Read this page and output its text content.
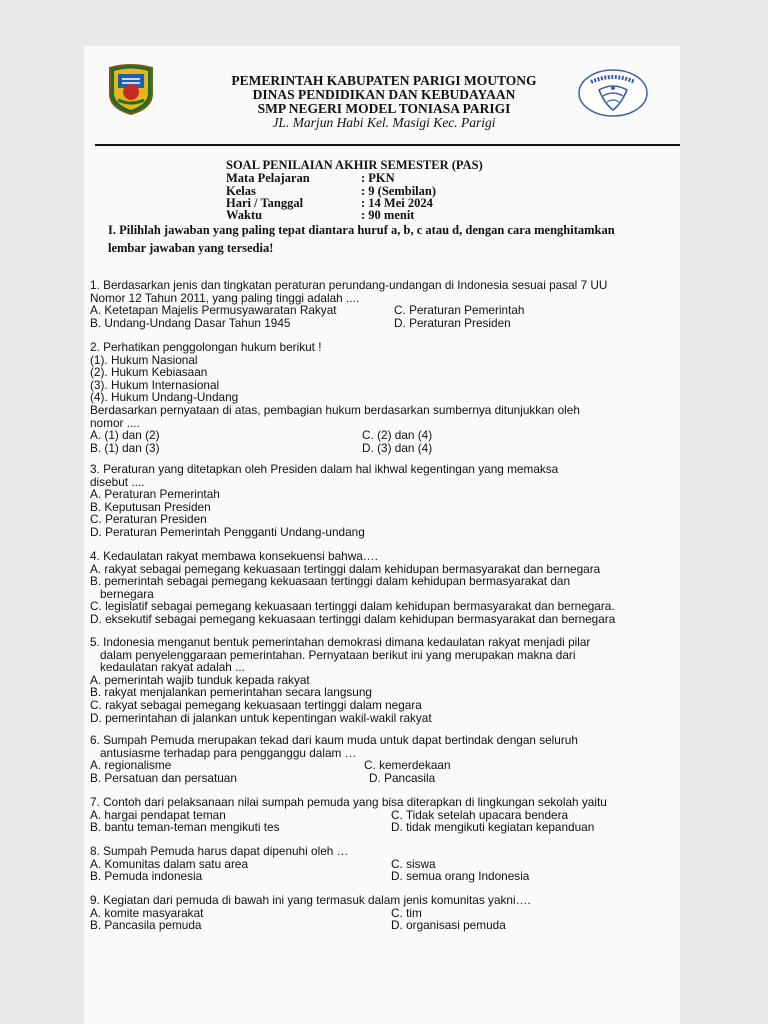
PEMERINTAH KABUPATEN PARIGI MOUTONG
DINAS PENDIDIKAN DAN KEBUDAYAAN
SMP NEGERI MODEL TONIASA PARIGI
JL. Marjun Habi Kel. Masigi Kec. Parigi
SOAL PENILAIAN AKHIR SEMESTER (PAS)
Mata Pelajaran	: PKN
Kelas	: 9 (Sembilan)
Hari / Tanggal	: 14 Mei 2024
Waktu	: 90 menit
I. Pilihlah jawaban yang paling tepat diantara huruf a, b, c atau d, dengan cara menghitamkan
lembar jawaban yang tersedia!
1. Berdasarkan jenis dan tingkatan peraturan perundang-undangan di Indonesia sesuai pasal 7 UU
Nomor 12 Tahun 2011, yang paling tinggi adalah ....
A. Ketetapan Majelis Permusyawaratan Rakyat	C. Peraturan Pemerintah
B. Undang-Undang Dasar Tahun 1945	D. Peraturan Presiden
2. Perhatikan penggolongan hukum berikut !
(1). Hukum Nasional
(2). Hukum Kebiasaan
(3). Hukum Internasional
(4). Hukum Undang-Undang
Berdasarkan pernyataan di atas, pembagian hukum berdasarkan sumbernya ditunjukkan oleh
nomor ....
A. (1) dan (2)	C. (2) dan (4)
B. (1) dan (3)	D. (3) dan (4)
3. Peraturan yang ditetapkan oleh Presiden dalam hal ikhwal kegentingan yang memaksa
disebut ....
A. Peraturan Pemerintah
B. Keputusan Presiden
C. Peraturan Presiden
D. Peraturan Pemerintah Pengganti Undang-undang
4. Kedaulatan rakyat membawa konsekuensi bahwa….
A. rakyat sebagai pemegang kekuasaan tertinggi dalam kehidupan bermasyarakat dan bernegara
B. pemerintah sebagai pemegang kekuasaan tertinggi dalam kehidupan bermasyarakat dan
bernegara
C. legislatif sebagai pemegang kekuasaan tertinggi dalam kehidupan bermasyarakat dan bernegara.
D. eksekutif sebagai pemegang kekuasaan tertinggi dalam kehidupan bermasyarakat dan bernegara
5. Indonesia menganut bentuk pemerintahan demokrasi dimana kedaulatan rakyat menjadi pilar
dalam penyelenggaraan pemerintahan. Pernyataan berikut ini yang merupakan makna dari
kedaulatan rakyat adalah ...
A. pemerintah wajib tunduk kepada rakyat
B. rakyat menjalankan pemerintahan secara langsung
C. rakyat sebagai pemegang kekuasaan tertinggi dalam negara
D. pemerintahan di jalankan untuk kepentingan wakil-wakil rakyat
6. Sumpah Pemuda merupakan tekad dari kaum muda untuk dapat bertindak dengan seluruh
antusiasme terhadap para pengganggu dalam …
A. regionalisme	C. kemerdekaan
B. Persatuan dan persatuan	D. Pancasila
7. Contoh dari pelaksanaan nilai sumpah pemuda yang bisa diterapkan di lingkungan sekolah yaitu
A. hargai pendapat teman	C. Tidak setelah upacara bendera
B. bantu teman-teman mengikuti tes	D. tidak mengikuti kegiatan kepanduan
8. Sumpah Pemuda harus dapat dipenuhi oleh …
A. Komunitas dalam satu area	C. siswa
B. Pemuda indonesia	D. semua orang Indonesia
9. Kegiatan dari pemuda di bawah ini yang termasuk dalam jenis komunitas yakni….
A. komite masyarakat	C. tim
B. Pancasila pemuda	D. organisasi pemuda
